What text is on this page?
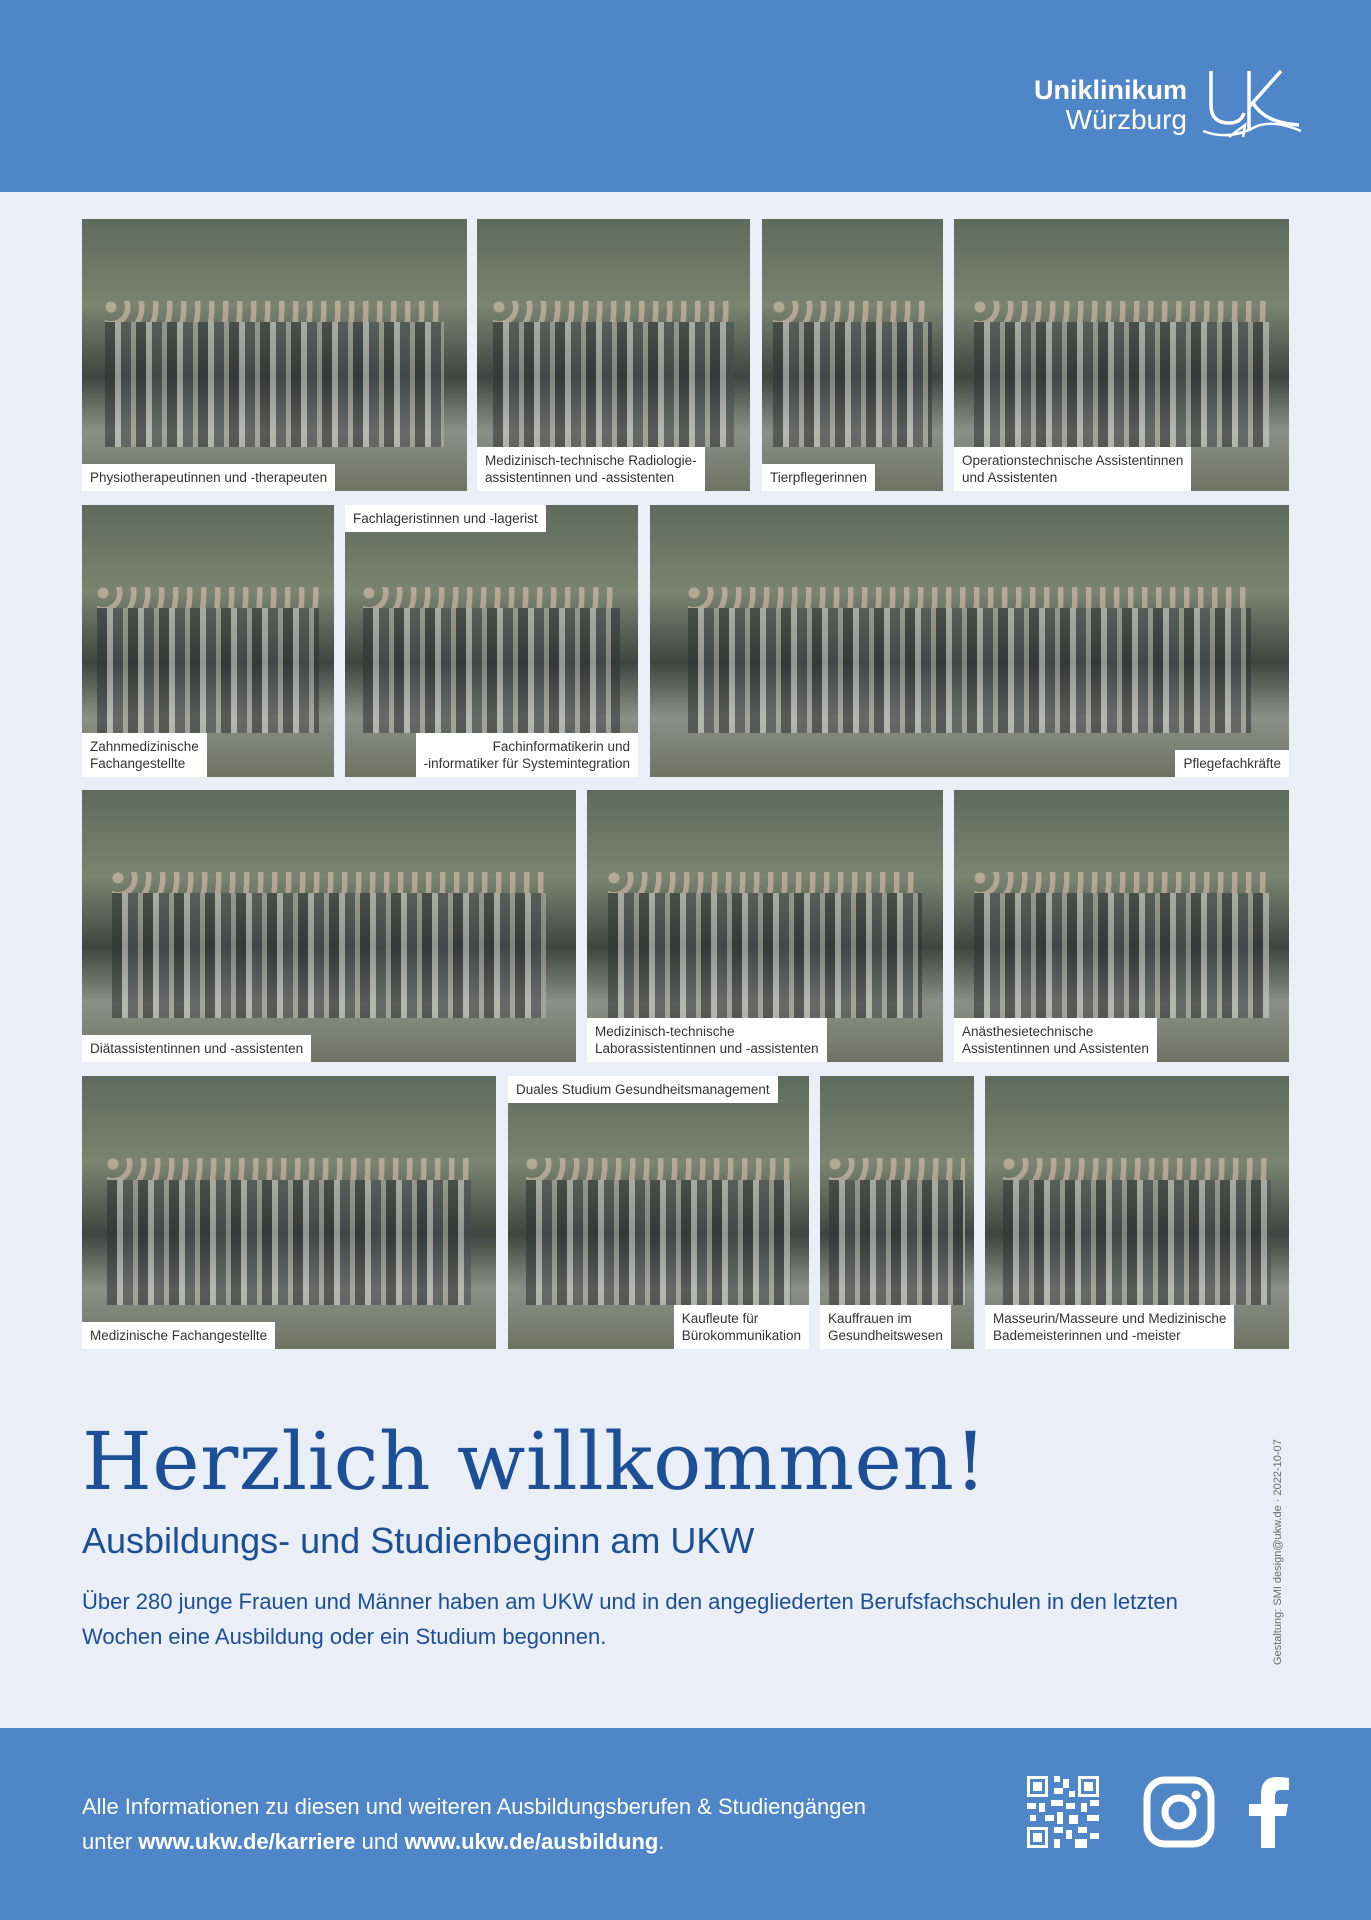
Uniklinikum
Würzburg
Physiotherapeutinnen und -therapeuten
Medizinisch-technische Radiologie-
assistentinnen und -assistenten	Tierpflegerinnen
Operationstechnische Assistentinnen
und Assistenten
Zahnmedizinische
Fachangestellte
Fachlageristinnen und -lagerist
Fachinformatikerin und
-informatiker für Systemintegration	Pflegefachkräfte
Diätassistentinnen und -assistenten
Medizinisch-technische
Laborassistentinnen und -assistenten
Anästhesietechnische
Assistentinnen und Assistenten
Medizinische Fachangestellte
Duales Studium Gesundheitsmanagement
Kaufleute für
Bürokommunikation
Kauffrauen im
Gesundheitswesen
Masseurin/Masseure und Medizinische
Bademeisterinnen und -meister
Herzlich willkommen!
Ausbildungs- und Studienbeginn am UKW

Über 280 junge Frauen und Männer haben am UKW und in den angegliederten Berufsfachschulen in den letzten Wochen eine Ausbildung oder ein Studium begonnen.	Gestaltung: SMI design@ukw.de · 2022-10-07

Alle Informationen zu diesen und weiteren Ausbildungsberufen & Studiengängen
unter www.ukw.de/karriere und www.ukw.de/ausbildung.
